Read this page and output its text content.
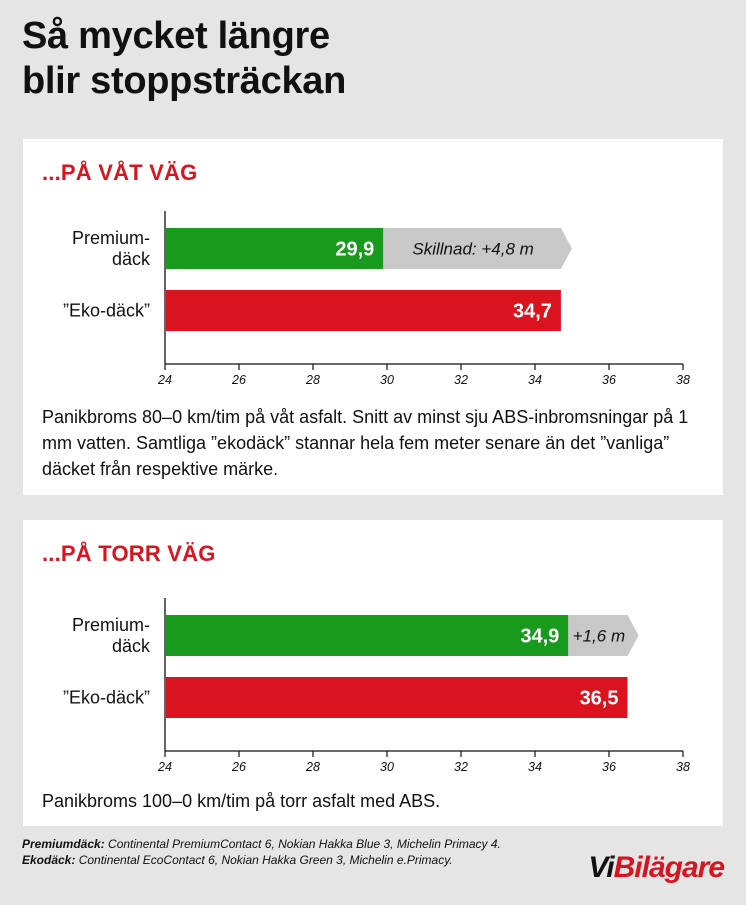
Så mycket längre
blir stoppsträckan
...PÅ VÅT VÄG
24	26	28	30	32	34	36	38
29,9
Premium-
däck
34,7
”Eko-däck”
Skillnad: +4,8 m

Panikbroms 80–0 km/tim på våt asfalt. Snitt av minst sju ABS-inbromsningar på 1 mm vatten. Samtliga ”ekodäck” stannar hela fem meter senare än det ”vanliga” däcket från respektive märke.

...PÅ TORR VÄG
24	26	28	30	32	34	36	38
34,9
Premium-
däck
36,5
”Eko-däck”
+1,6 m

Panikbroms 100–0 km/tim på torr asfalt med ABS.

Premiumdäck: Continental PremiumContact 6, Nokian Hakka Blue 3, Michelin Primacy 4. Ekodäck: Continental EcoContact 6, Nokian Hakka Green 3, Michelin e.Primacy.	ViBilägare
